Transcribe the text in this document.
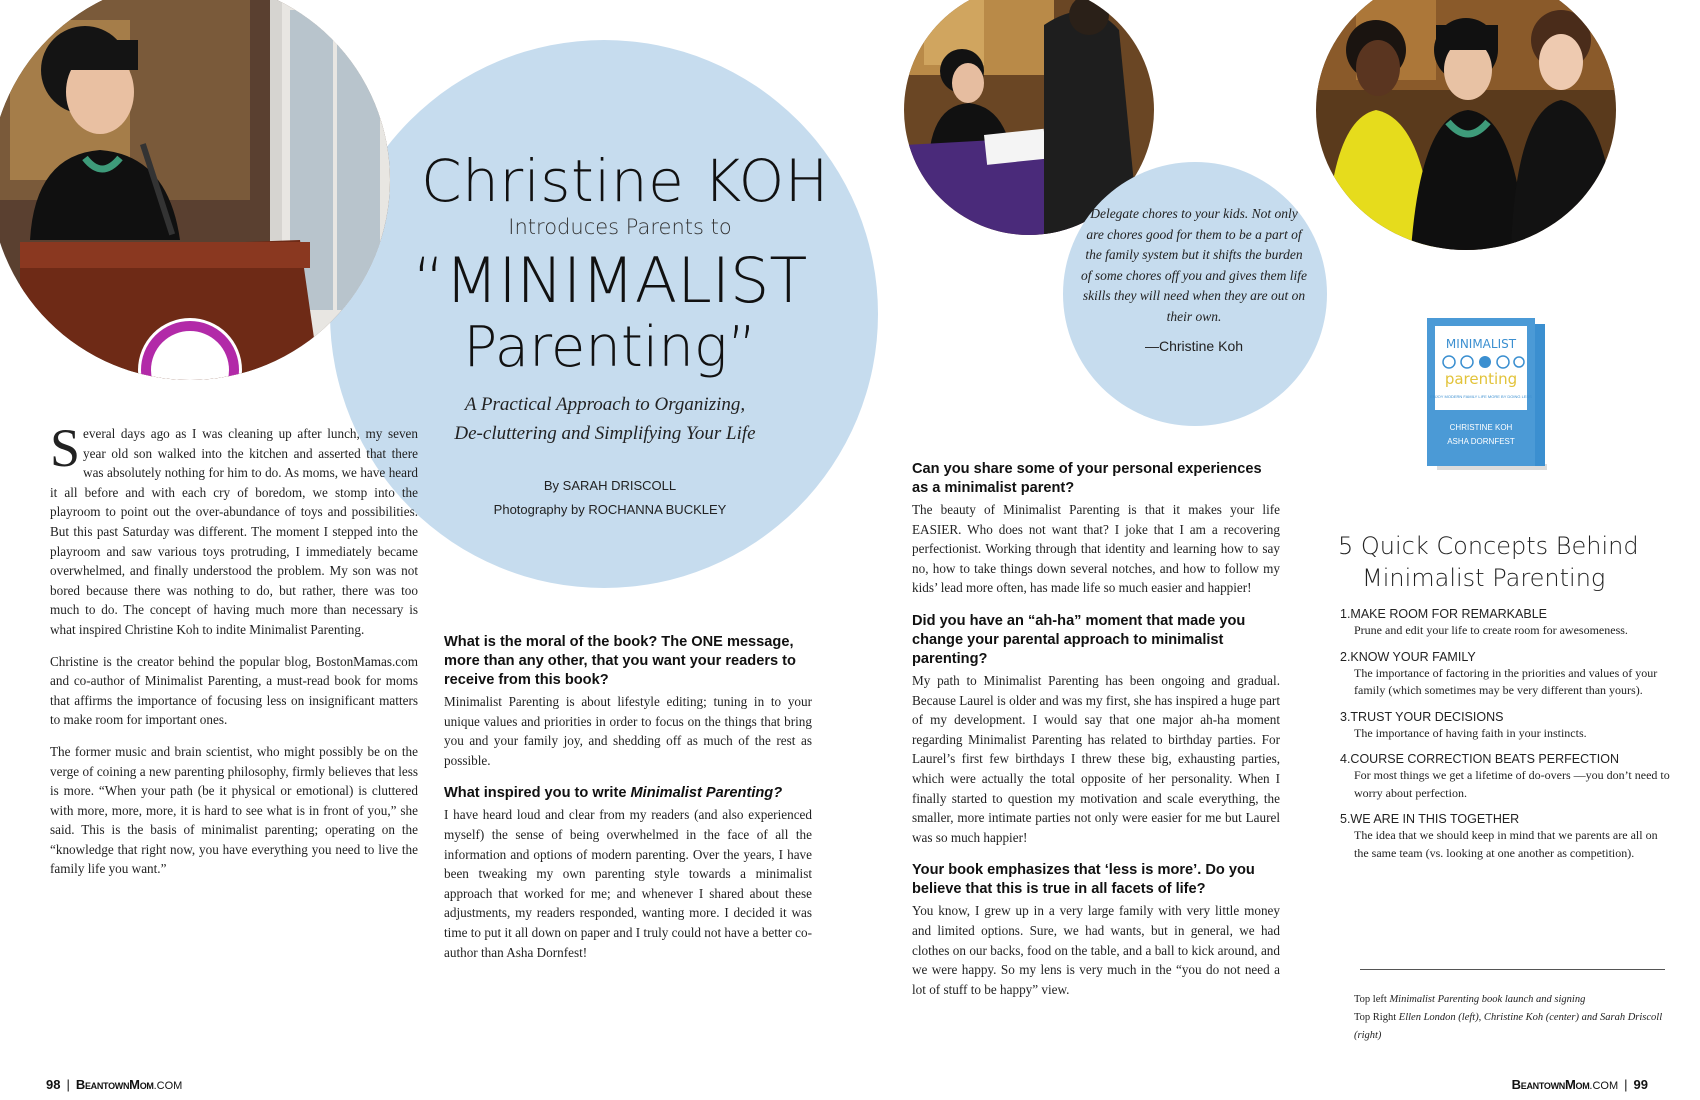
Christine KOH
Introduces Parents to
“MINIMALIST
Parenting”
A Practical Approach to Organizing,
De-cluttering and Simplifying Your Life
By SARAH DRISCOLL
Photography by ROCHANNA BUCKLEY

Several days ago as I was cleaning up after lunch, my seven year old son walked into the kitchen and asserted that there was absolutely nothing for him to do. As moms, we have heard it all before and with each cry of boredom, we stomp into the playroom to point out the over-abundance of toys and possibilities. But this past Saturday was different. The moment I stepped into the playroom and saw various toys protruding, I immediately became overwhelmed, and finally understood the problem. My son was not bored because there was nothing to do, but rather, there was too much to do. The concept of having much more than necessary is what inspired Christine Koh to indite Minimalist Parenting.

Christine is the creator behind the popular blog, BostonMamas.com and co-author of Minimalist Parenting, a must-read book for moms that affirms the importance of focusing less on insignificant matters to make room for important ones.

The former music and brain scientist, who might possibly be on the verge of coining a new parenting philosophy, firmly believes that less is more. “When your path (be it physical or emotional) is cluttered with more, more, more, it is hard to see what is in front of you,” she said. This is the basis of minimalist parenting; operating on the “knowledge that right now, you have everything you need to live the family life you want.”

What is the moral of the book? The ONE message, more than any other, that you want your readers to receive from this book?
Minimalist Parenting is about lifestyle editing; tuning in to your unique values and priorities in order to focus on the things that bring you and your family joy, and shedding off as much of the rest as possible.
What inspired you to write Minimalist Parenting?
I have heard loud and clear from my readers (and also experienced myself) the sense of being overwhelmed in the face of all the information and options of modern parenting. Over the years, I have been tweaking my own parenting style towards a minimalist approach that worked for me; and whenever I shared about these adjustments, my readers responded, wanting more. I decided it was time to put it all down on paper and I truly could not have a better co-author than Asha Dornfest!
Delegate chores to your kids. Not only are chores good for them to be a part of the family system but it shifts the burden of some chores off you and gives them life skills they will need when they are out on their own.
—Christine Koh
Can you share some of your personal experiences as a minimalist parent?
The beauty of Minimalist Parenting is that it makes your life EASIER. Who does not want that? I joke that I am a recovering perfectionist. Working through that identity and learning how to say no, how to take things down several notches, and how to follow my kids’ lead more often, has made life so much easier and happier!
Did you have an “ah-ha” moment that made you change your parental approach to minimalist parenting?
My path to Minimalist Parenting has been ongoing and gradual. Because Laurel is older and was my first, she has inspired a huge part of my development. I would say that one major ah-ha moment regarding Minimalist Parenting has related to birthday parties. For Laurel’s first few birthdays I threw these big, exhausting parties, which were actually the total opposite of her personality. When I finally started to question my motivation and scale everything, the smaller, more intimate parties not only were easier for me but Laurel was so much happier!
Your book emphasizes that ‘less is more’. Do you believe that this is true in all facets of life?
You know, I grew up in a very large family with very little money and limited options. Sure, we had wants, but in general, we had clothes on our backs, food on the table, and a ball to kick around, and we were happy. So my lens is very much in the “you do not need a lot of stuff to be happy” view.
MINIMALIST
parenting
ENJOY MODERN FAMILY LIFE MORE BY DOING LESS
CHRISTINE KOH
ASHA DORNFEST
5 Quick Concepts Behind
Minimalist Parenting
1.MAKE ROOM FOR REMARKABLE
Prune and edit your life to create room for awesomeness.
2.KNOW YOUR FAMILY
The importance of factoring in the priorities and values of your family (which sometimes may be very different than yours).
3.TRUST YOUR DECISIONS
The importance of having faith in your instincts.
4.COURSE CORRECTION BEATS PERFECTION
For most things we get a lifetime of do-overs —you don’t need to worry about perfection.
5.WE ARE IN THIS TOGETHER
The idea that we should keep in mind that we parents are all on the same team (vs. looking at one another as competition).
Top left Minimalist Parenting book launch and signing
Top Right Ellen London (left), Christine Koh (center) and Sarah Driscoll (right)
98 | BeantownMom.COM	BeantownMom.COM | 99
